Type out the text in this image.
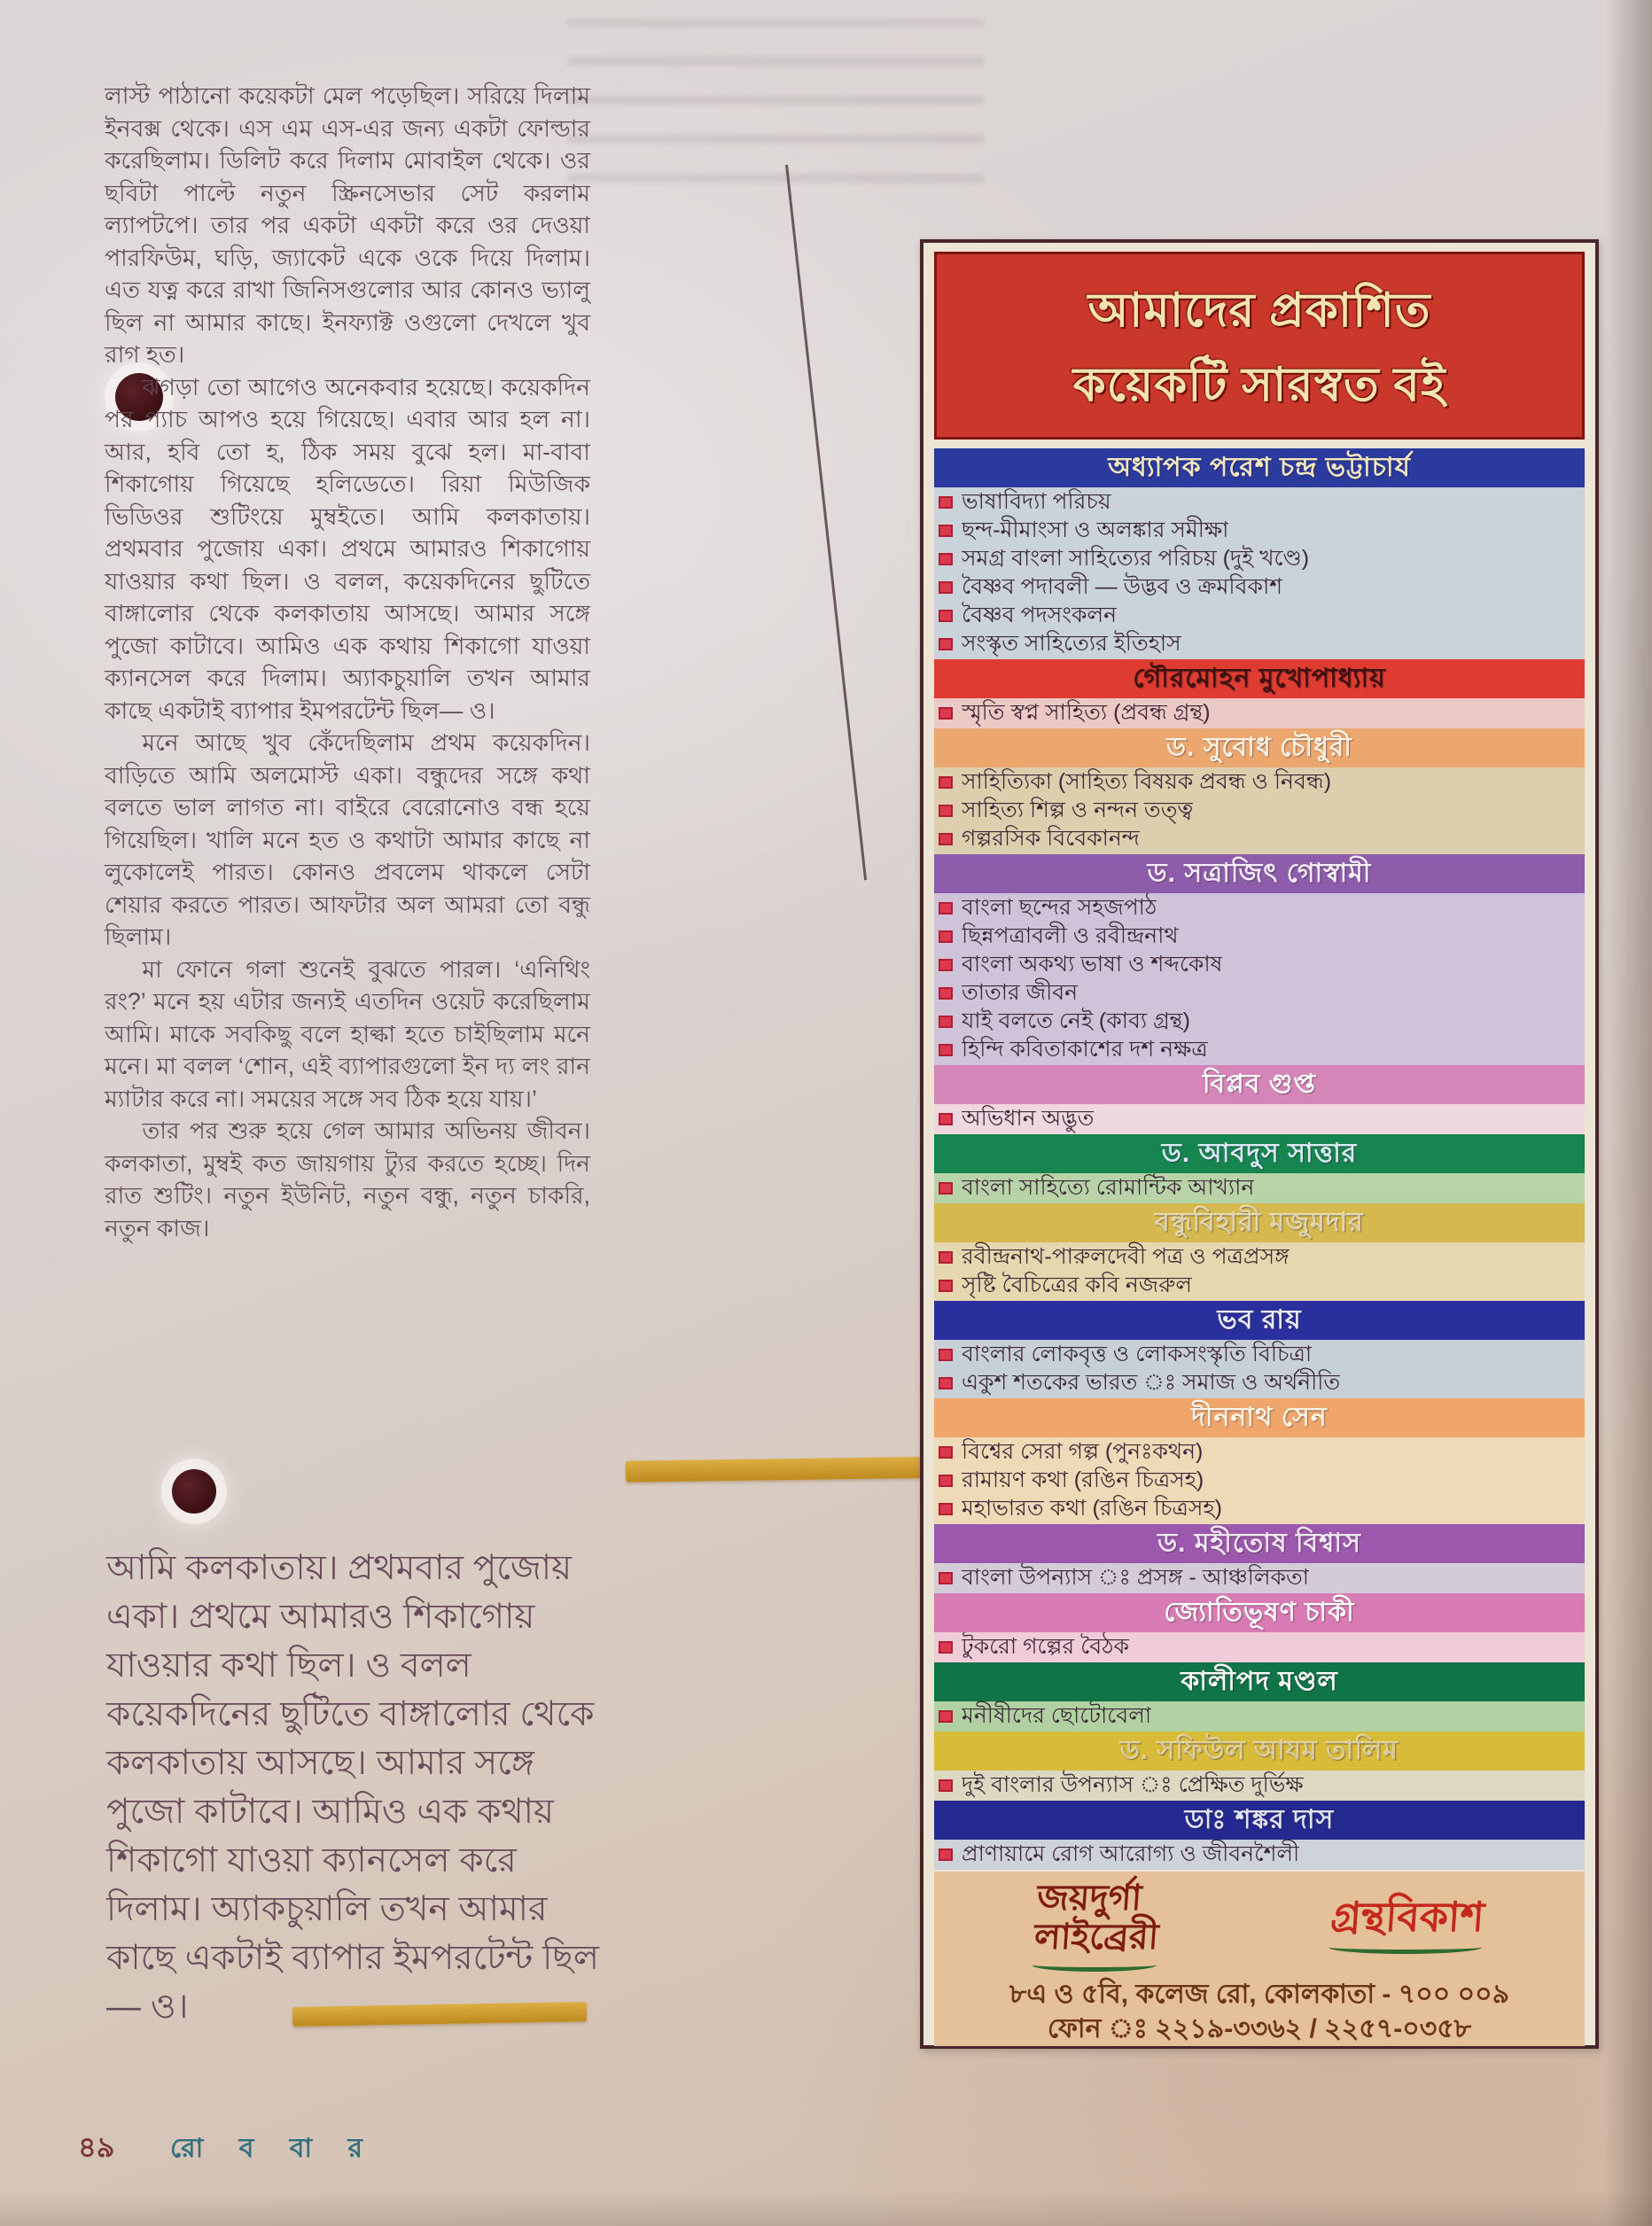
লাস্ট পাঠানো কয়েকটা মেল পড়েছিল। সরিয়ে দিলাম ইনবক্স থেকে। এস এম এস-এর জন্য একটা ফোল্ডার করেছিলাম। ডিলিট করে দিলাম মোবাইল থেকে। ওর ছবিটা পাল্টে নতুন স্ক্রিনসেভার সেট করলাম ল্যাপটপে। তার পর একটা একটা করে ওর দেওয়া পারফিউম, ঘড়ি, জ্যাকেট একে ওকে দিয়ে দিলাম। এত যত্ন করে রাখা জিনিসগুলোর আর কোনও ভ্যালু ছিল না আমার কাছে। ইনফ্যাক্ট ওগুলো দেখলে খুব রাগ হত।

ঝগড়া তো আগেও অনেকবার হয়েছে। কয়েকদিন পর প্যাচ আপও হয়ে গিয়েছে। এবার আর হল না। আর, হবি তো হ, ঠিক সময় বুঝে হল। মা-বাবা শিকাগোয় গিয়েছে হলিডেতে। রিয়া মিউজিক ভিডিওর শুটিংয়ে মুম্বইতে। আমি কলকাতায়। প্রথমবার পুজোয় একা। প্রথমে আমারও শিকাগোয় যাওয়ার কথা ছিল। ও বলল, কয়েকদিনের ছুটিতে বাঙ্গালোর থেকে কলকাতায় আসছে। আমার সঙ্গে পুজো কাটাবে। আমিও এক কথায় শিকাগো যাওয়া ক্যানসেল করে দিলাম। অ্যাকচুয়ালি তখন আমার কাছে একটাই ব্যাপার ইমপরটেন্ট ছিল— ও।

মনে আছে খুব কেঁদেছিলাম প্রথম কয়েকদিন। বাড়িতে আমি অলমোস্ট একা। বন্ধুদের সঙ্গে কথা বলতে ভাল লাগত না। বাইরে বেরোনোও বন্ধ হয়ে গিয়েছিল। খালি মনে হত ও কথাটা আমার কাছে না লুকোলেই পারত। কোনও প্রবলেম থাকলে সেটা শেয়ার করতে পারত। আফটার অল আমরা তো বন্ধু ছিলাম।

মা ফোনে গলা শুনেই বুঝতে পারল। ‘এনিথিং রং?’ মনে হয় এটার জন্যই এতদিন ওয়েট করেছিলাম আমি। মাকে সবকিছু বলে হাল্কা হতে চাইছিলাম মনে মনে। মা বলল ‘শোন, এই ব্যাপারগুলো ইন দ্য লং রান ম্যাটার করে না। সময়ের সঙ্গে সব ঠিক হয়ে যায়।’

তার পর শুরু হয়ে গেল আমার অভিনয় জীবন। কলকাতা, মুম্বই কত জায়গায় ট্যুর করতে হচ্ছে। দিন রাত শুটিং। নতুন ইউনিট, নতুন বন্ধু, নতুন চাকরি, নতুন কাজ।

আমি কলকাতায়। প্রথমবার পুজোয় একা। প্রথমে আমারও শিকাগোয় যাওয়ার কথা ছিল। ও বলল কয়েকদিনের ছুটিতে বাঙ্গালোর থেকে কলকাতায় আসছে। আমার সঙ্গে পুজো কাটাবে। আমিও এক কথায় শিকাগো যাওয়া ক্যানসেল করে দিলাম। অ্যাকচুয়ালি তখন আমার কাছে একটাই ব্যাপার ইমপরটেন্ট ছিল— ও।
আমাদের প্রকাশিত
কয়েকটি সারস্বত বই
অধ্যাপক পরেশ চন্দ্র ভট্টাচার্য
ভাষাবিদ্যা পরিচয়
ছন্দ-মীমাংসা ও অলঙ্কার সমীক্ষা
সমগ্র বাংলা সাহিত্যের পরিচয় (দুই খণ্ডে)
বৈষ্ণব পদাবলী — উদ্ভব ও ক্রমবিকাশ
বৈষ্ণব পদসংকলন
সংস্কৃত সাহিত্যের ইতিহাস
গৌরমোহন মুখোপাধ্যায়
স্মৃতি স্বপ্ন সাহিত্য (প্রবন্ধ গ্রন্থ)
ড. সুবোধ চৌধুরী
সাহিত্যিকা (সাহিত্য বিষয়ক প্রবন্ধ ও নিবন্ধ)
সাহিত্য শিল্প ও নন্দন তত্ত্ব
গল্পরসিক বিবেকানন্দ
ড. সত্রাজিৎ গোস্বামী
বাংলা ছন্দের সহজপাঠ
ছিন্নপত্রাবলী ও রবীন্দ্রনাথ
বাংলা অকথ্য ভাষা ও শব্দকোষ
তাতার জীবন
যাই বলতে নেই (কাব্য গ্রন্থ)
হিন্দি কবিতাকাশের দশ নক্ষত্র
বিপ্লব গুপ্ত
অভিধান অদ্ভুত
ড. আবদুস সাত্তার
বাংলা সাহিত্যে রোমান্টিক আখ্যান
বন্ধুবিহারী মজুমদার
রবীন্দ্রনাথ-পারুলদেবী পত্র ও পত্রপ্রসঙ্গ
সৃষ্টি বৈচিত্রের কবি নজরুল
ভব রায়
বাংলার লোকবৃত্ত ও লোকসংস্কৃতি বিচিত্রা
একুশ শতকের ভারত ঃ সমাজ ও অর্থনীতি
দীননাথ সেন
বিশ্বের সেরা গল্প (পুনঃকথন)
রামায়ণ কথা (রঙিন চিত্রসহ)
মহাভারত কথা (রঙিন চিত্রসহ)
ড. মহীতোষ বিশ্বাস
বাংলা উপন্যাস ঃ প্রসঙ্গ - আঞ্চলিকতা
জ্যোতিভূষণ চাকী
টুকরো গল্পের বৈঠক
কালীপদ মণ্ডল
মনীষীদের ছোটোবেলা
ড. সফিউল আযম তালিম
দুই বাংলার উপন্যাস ঃ প্রেক্ষিত দুর্ভিক্ষ
ডাঃ শঙ্কর দাস
প্রাণায়ামে রোগ আরোগ্য ও জীবনশৈলী
জয়দুর্গা
লাইব্রেরী	গ্রন্থবিকাশ
৮এ ও ৫বি, কলেজ রো, কোলকাতা - ৭০০ ০০৯
ফোন ঃ ২২১৯-৩৩৬২ / ২২৫৭-০৩৫৮
৪৯ রো ব বা র
